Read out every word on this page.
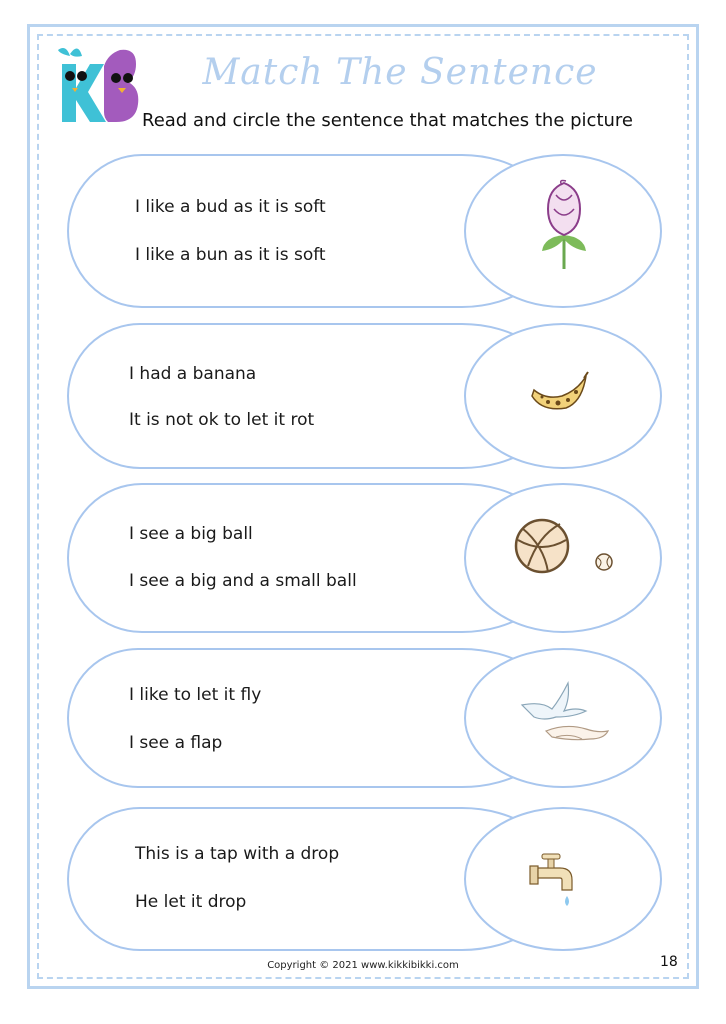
Match The Sentence
Read and circle the sentence that matches the picture
I like a bud as it is soft
I like a bun as it is soft
I had a banana
It is not ok to let it rot
I see a big ball
I see a big and a small ball
I like to let it fly
I see a flap
This is a tap with a drop
He let it drop
Copyright © 2021 www.kikkibikki.com	18
